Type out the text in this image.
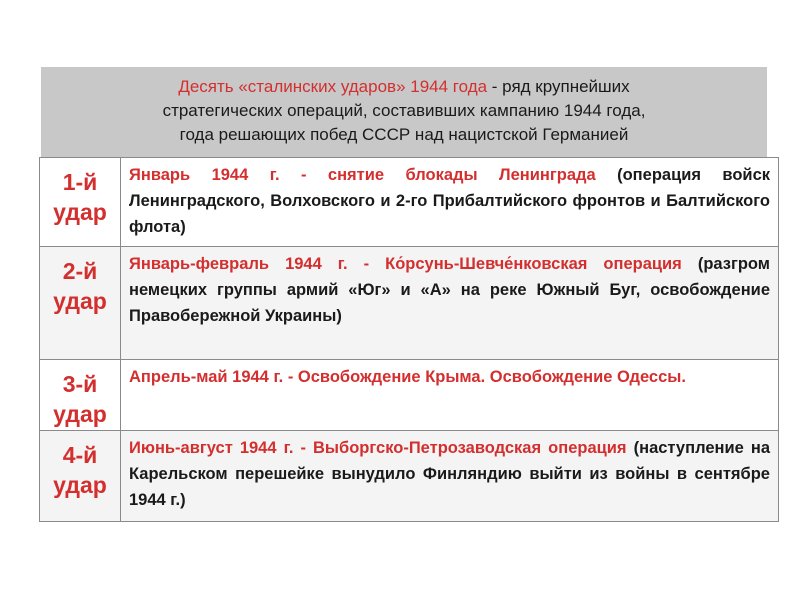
Десять «сталинских ударов» 1944 года - ряд крупнейших
стратегических операций, составивших кампанию 1944 года,
года решающих побед СССР над нацистской Германией
1-й
удар	Январь 1944 г. - снятие блокады Ленинграда (операция войск Ленинградского, Волховского и 2-го Прибалтийского фронтов и Балтийского флота)

2-й
удар	Январь-февраль 1944 г. - Ко́рсунь-Шевче́нковская операция (разгром немецких группы армий «Юг» и «А» на реке Южный Буг, освобождение Правобережной Украины)

3-й
удар	Апрель-май 1944 г. - Освобождение Крыма. Освобождение Одессы.

4-й
удар	Июнь-август 1944 г. - Выборгско-Петрозаводская операция (наступление на Карельском перешейке вынудило Финляндию выйти из войны в сентябре 1944 г.)
